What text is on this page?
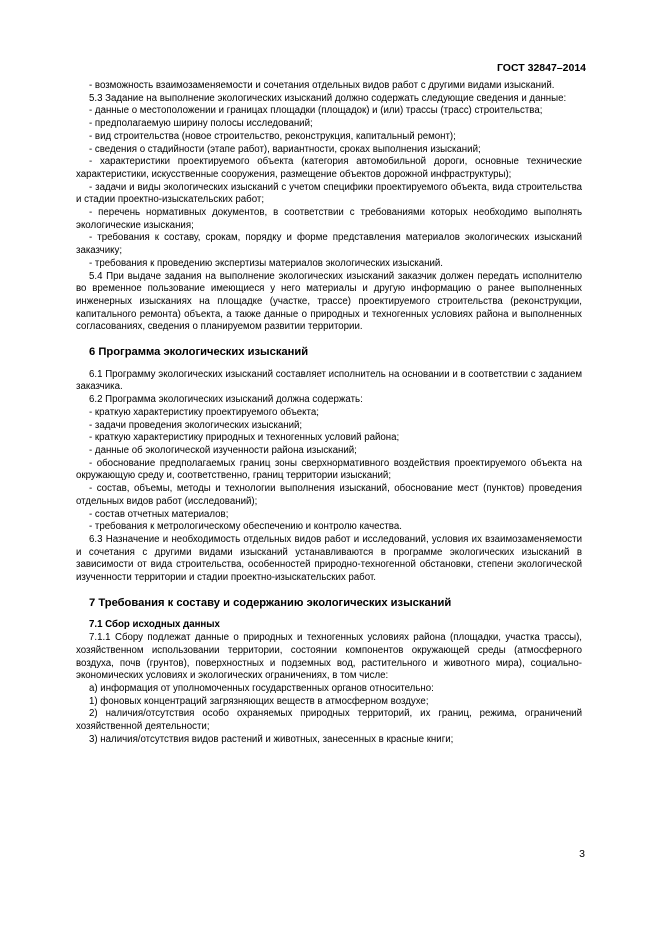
ГОСТ 32847–2014
- возможность взаимозаменяемости и сочетания отдельных видов работ с другими видами изысканий.
5.3 Задание на выполнение экологических изысканий должно содержать следующие сведения и данные:
- данные о местоположении и границах площадки (площадок) и (или) трассы (трасс) строительства;
- предполагаемую ширину полосы исследований;
- вид строительства (новое строительство, реконструкция, капитальный ремонт);
- сведения о стадийности (этапе работ), вариантности, сроках выполнения изысканий;
- характеристики проектируемого объекта (категория автомобильной дороги, основные технические характеристики, искусственные сооружения, размещение объектов дорожной инфраструктуры);
- задачи и виды экологических изысканий с учетом специфики проектируемого объекта, вида строительства и стадии проектно-изыскательских работ;
- перечень нормативных документов, в соответствии с требованиями которых необходимо выполнять экологические изыскания;
- требования к составу, срокам, порядку и форме представления материалов экологических изысканий заказчику;
- требования к проведению экспертизы материалов экологических изысканий.
5.4 При выдаче задания на выполнение экологических изысканий заказчик должен передать исполнителю во временное пользование имеющиеся у него материалы и другую информацию о ранее выполненных инженерных изысканиях на площадке (участке, трассе) проектируемого строительства (реконструкции, капитального ремонта) объекта, а также данные о природных и техногенных условиях района и выполненных согласованиях, сведения о планируемом развитии территории.
6 Программа экологических изысканий
6.1 Программу экологических изысканий составляет исполнитель на основании и в соответствии с заданием заказчика.
6.2 Программа экологических изысканий должна содержать:
- краткую характеристику проектируемого объекта;
- задачи проведения экологических изысканий;
- краткую характеристику природных и техногенных условий района;
- данные об экологической изученности района изысканий;
- обоснование предполагаемых границ зоны сверхнормативного воздействия проектируемого объекта на окружающую среду и, соответственно, границ территории изысканий;
- состав, объемы, методы и технологии выполнения изысканий, обоснование мест (пунктов) проведения отдельных видов работ (исследований);
- состав отчетных материалов;
- требования к метрологическому обеспечению и контролю качества.
6.3 Назначение и необходимость отдельных видов работ и исследований, условия их взаимозаменяемости и сочетания с другими видами изысканий устанавливаются в программе экологических изысканий в зависимости от вида строительства, особенностей природно-техногенной обстановки, степени экологической изученности территории и стадии проектно-изыскательских работ.
7 Требования к составу и содержанию экологических изысканий
7.1 Сбор исходных данных
7.1.1 Сбору подлежат данные о природных и техногенных условиях района (площадки, участка трассы), хозяйственном использовании территории, состоянии компонентов окружающей среды (атмосферного воздуха, почв (грунтов), поверхностных и подземных вод, растительного и животного мира), социально-экономических условиях и экологических ограничениях, в том числе:
а) информация от уполномоченных государственных органов относительно:
1) фоновых концентраций загрязняющих веществ в атмосферном воздухе;
2) наличия/отсутствия особо охраняемых природных территорий, их границ, режима, ограничений хозяйственной деятельности;
3) наличия/отсутствия видов растений и животных, занесенных в красные книги;
3
